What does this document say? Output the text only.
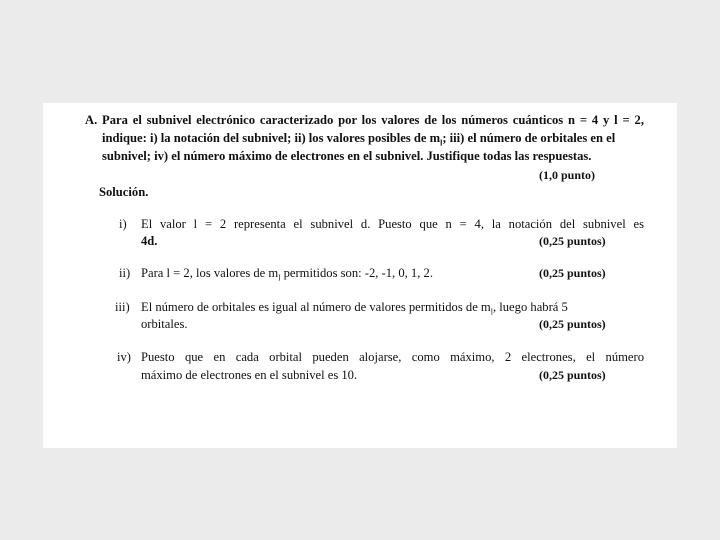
A. Para el subnivel electrónico caracterizado por los valores de los números cuánticos n = 4 y l = 2,
indique: i) la notación del subnivel; ii) los valores posibles de $m_l$; iii) el número de orbitales en el
subnivel; iv) el número máximo de electrones en el subnivel. Justifique todas las respuestas.
(1,0 punto)
Solución.
i) El valor l = 2 representa el subnivel d. Puesto que n = 4, la notación del subnivel es
4d.	(0,25 puntos)
ii) Para l = 2, los valores de $m_l$ permitidos son: -2, -1, 0, 1, 2.	(0,25 puntos)
iii) El número de orbitales es igual al número de valores permitidos de $m_l$, luego habrá 5
orbitales.	(0,25 puntos)
iv) Puesto que en cada orbital pueden alojarse, como máximo, 2 electrones, el número
máximo de electrones en el subnivel es 10.	(0,25 puntos)
